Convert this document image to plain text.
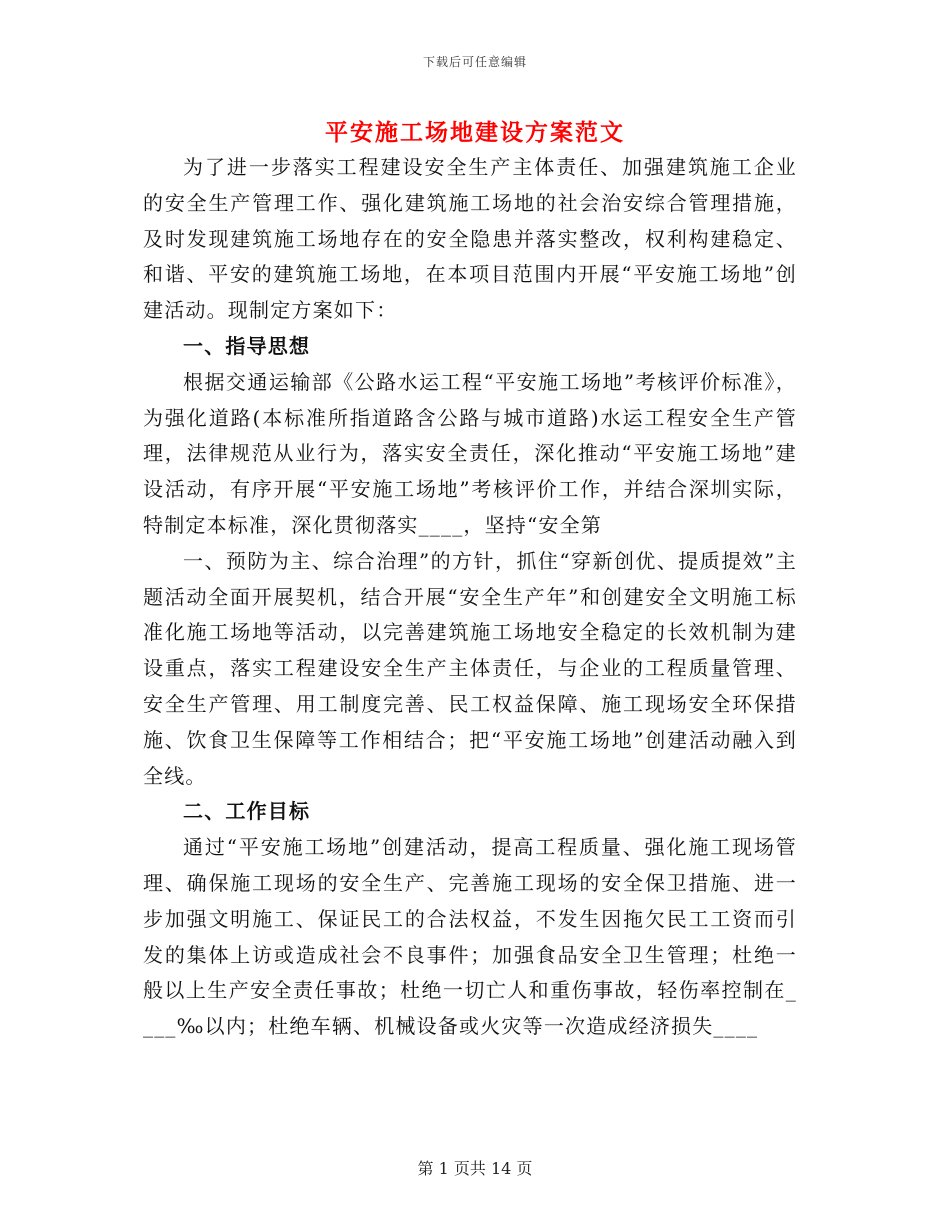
下载后可任意编辑
平安施工场地建设方案范文

为了进一步落实工程建设安全生产主体责任、加强建筑施工企业的安全生产管理工作、强化建筑施工场地的社会治安综合管理措施，及时发现建筑施工场地存在的安全隐患并落实整改，权利构建稳定、和谐、平安的建筑施工场地，在本项目范围内开展“平安施工场地”创建活动。现制定方案如下：

一、指导思想

根据交通运输部《公路水运工程“平安施工场地”考核评价标准》，为强化道路(本标准所指道路含公路与城市道路)水运工程安全生产管理，法律规范从业行为，落实安全责任，深化推动“平安施工场地”建设活动，有序开展“平安施工场地”考核评价工作，并结合深圳实际，特制定本标准，深化贯彻落实____，坚持“安全第

一、预防为主、综合治理”的方针，抓住“穿新创优、提质提效”主题活动全面开展契机，结合开展“安全生产年”和创建安全文明施工标准化施工场地等活动，以完善建筑施工场地安全稳定的长效机制为建设重点，落实工程建设安全生产主体责任，与企业的工程质量管理、安全生产管理、用工制度完善、民工权益保障、施工现场安全环保措施、饮食卫生保障等工作相结合；把“平安施工场地”创建活动融入到全线。

二、工作目标

通过“平安施工场地”创建活动，提高工程质量、强化施工现场管理、确保施工现场的安全生产、完善施工现场的安全保卫措施、进一步加强文明施工、保证民工的合法权益，不发生因拖欠民工工资而引发的集体上访或造成社会不良事件；加强食品安全卫生管理；杜绝一般以上生产安全责任事故；杜绝一切亡人和重伤事故，轻伤率控制在____‰以内；杜绝车辆、机械设备或火灾等一次造成经济损失____

第 1 页共 14 页
